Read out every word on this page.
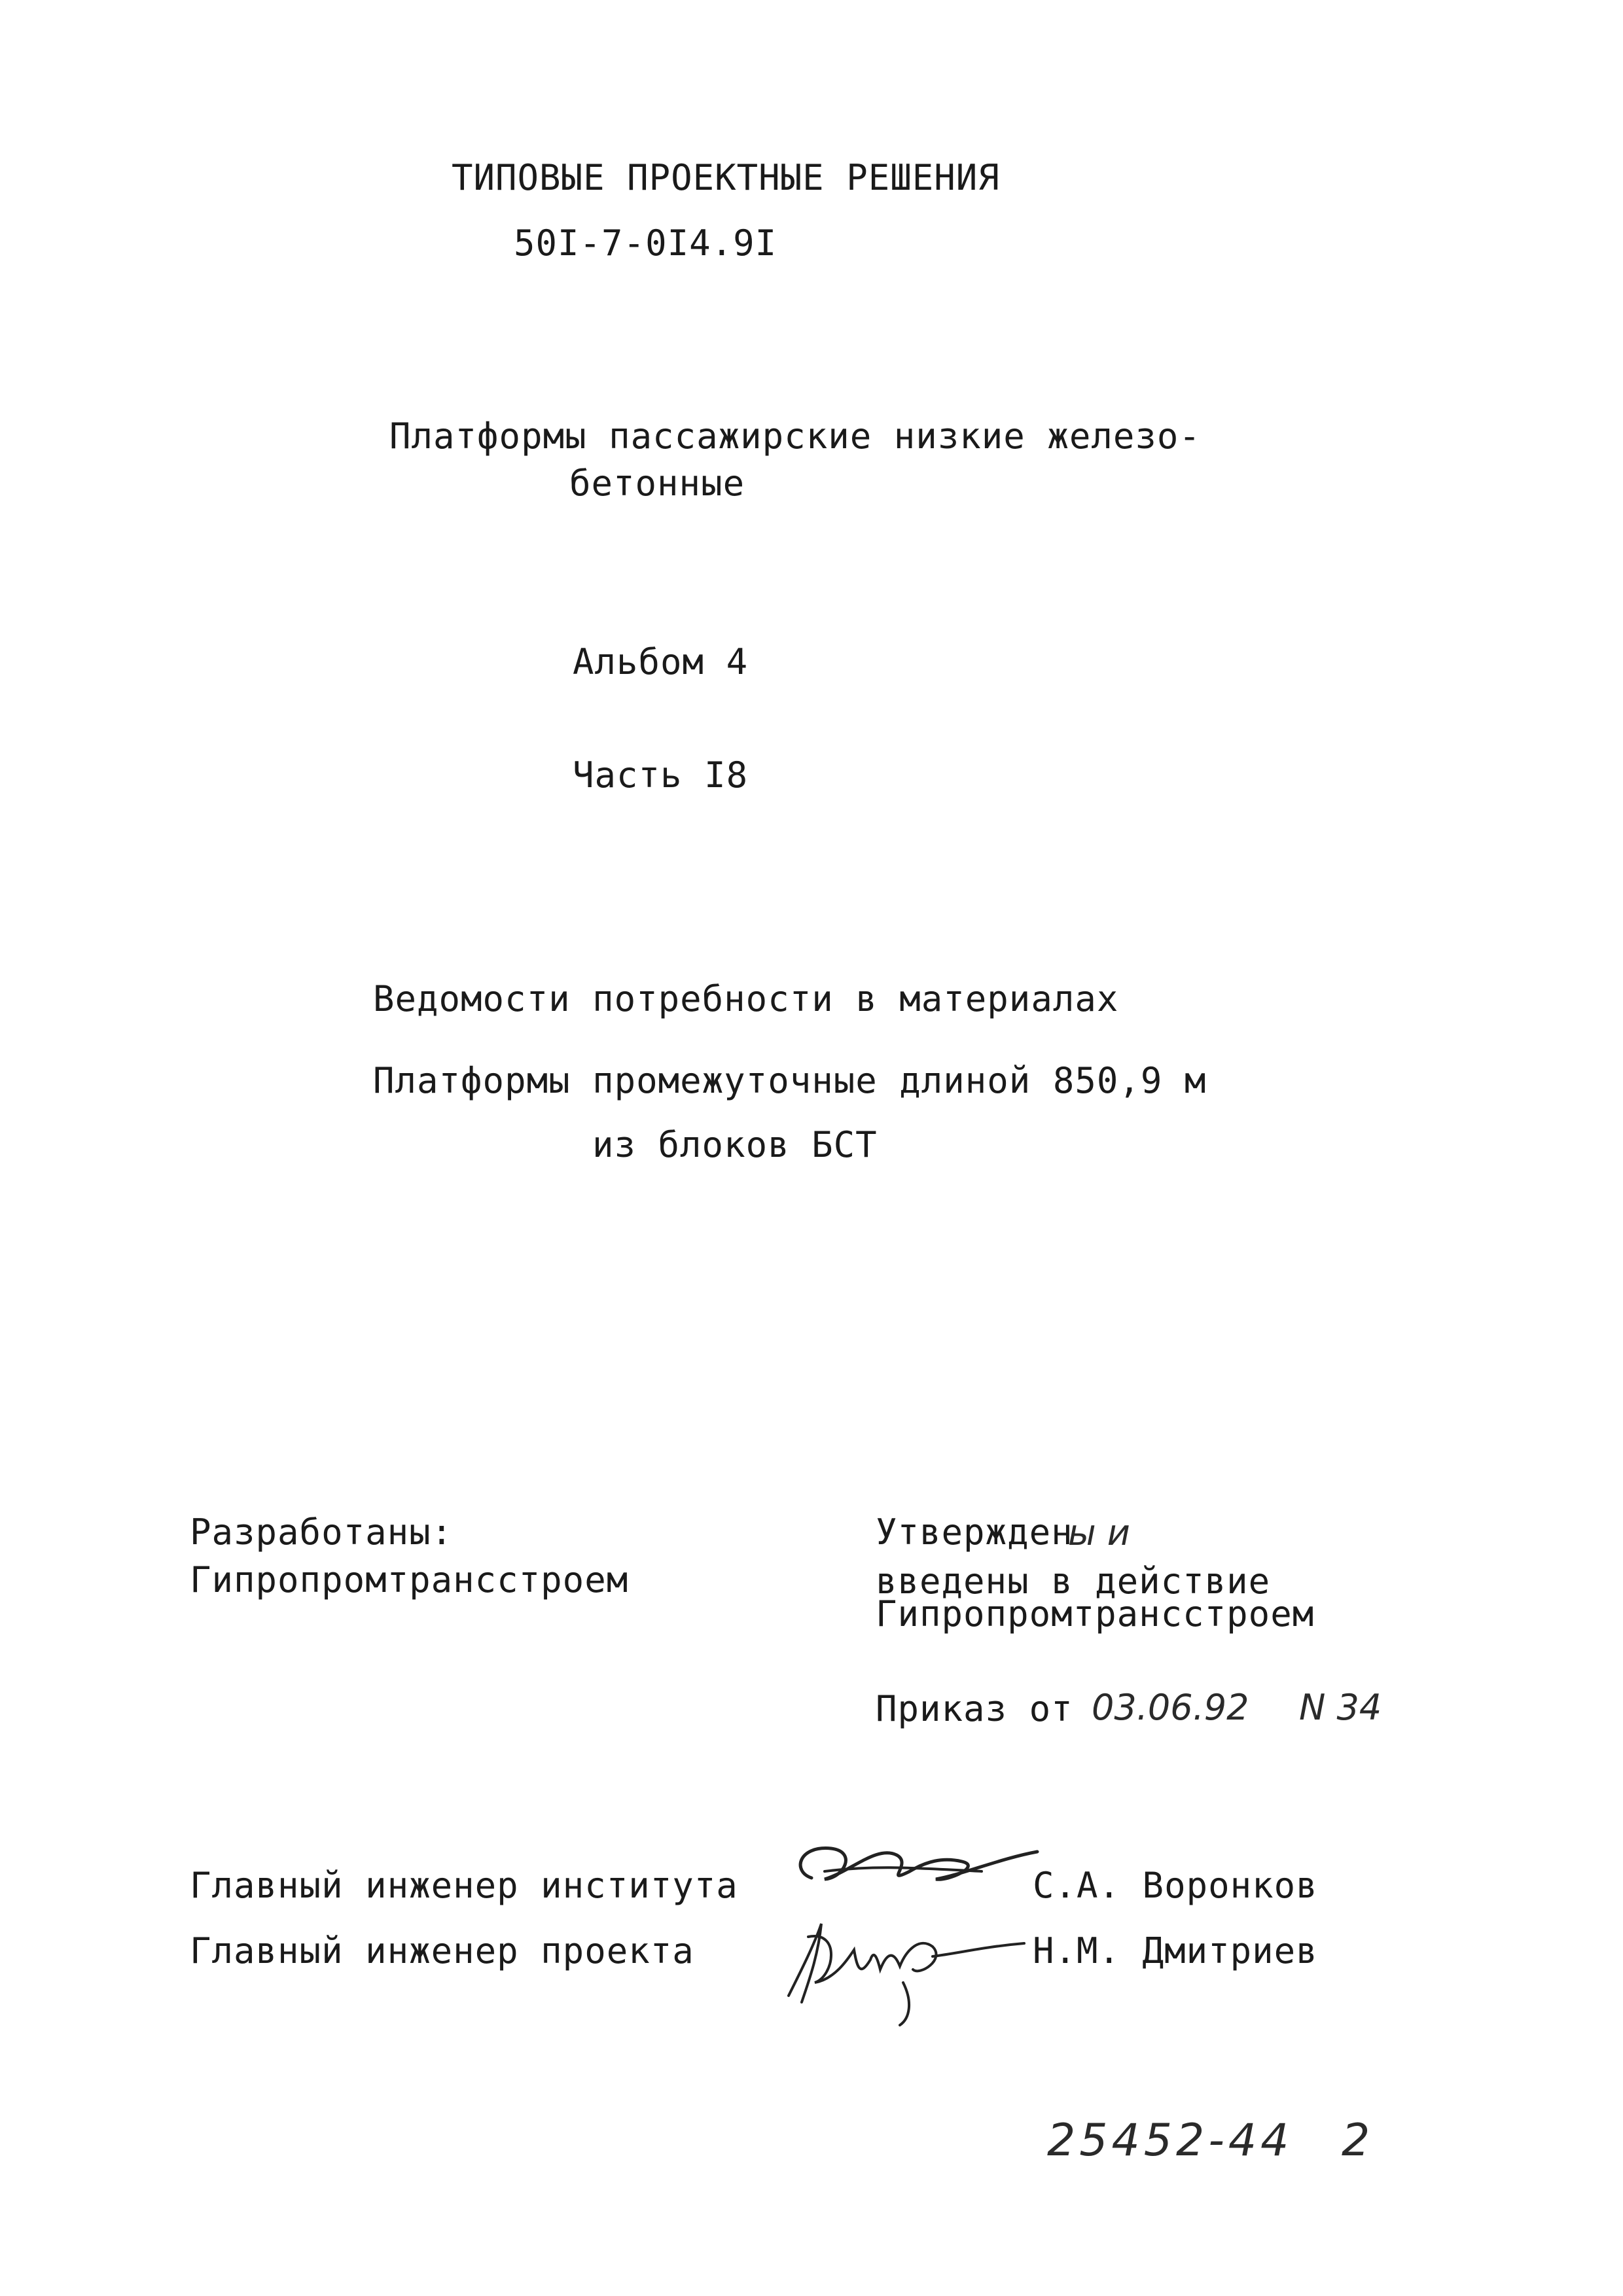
ТИПОВЫЕ ПРОЕКТНЫЕ РЕШЕНИЯ
50I-7-0I4.9I
Платформы пассажирские низкие железо-
бетонные
Альбом 4
Часть I8
Ведомости потребности в материалах
Платформы промежуточные длиной 850,9 м
из блоков БСТ
Разработаны:
Гипропромтрансстроем
Утвержден
ы и
введены в действие
Гипропромтрансстроем
Приказ от 03.06.92 N 34
Главный инженер института	С.А. Воронков
Главный инженер проекта	Н.М. Дмитриев
25452-44 2
